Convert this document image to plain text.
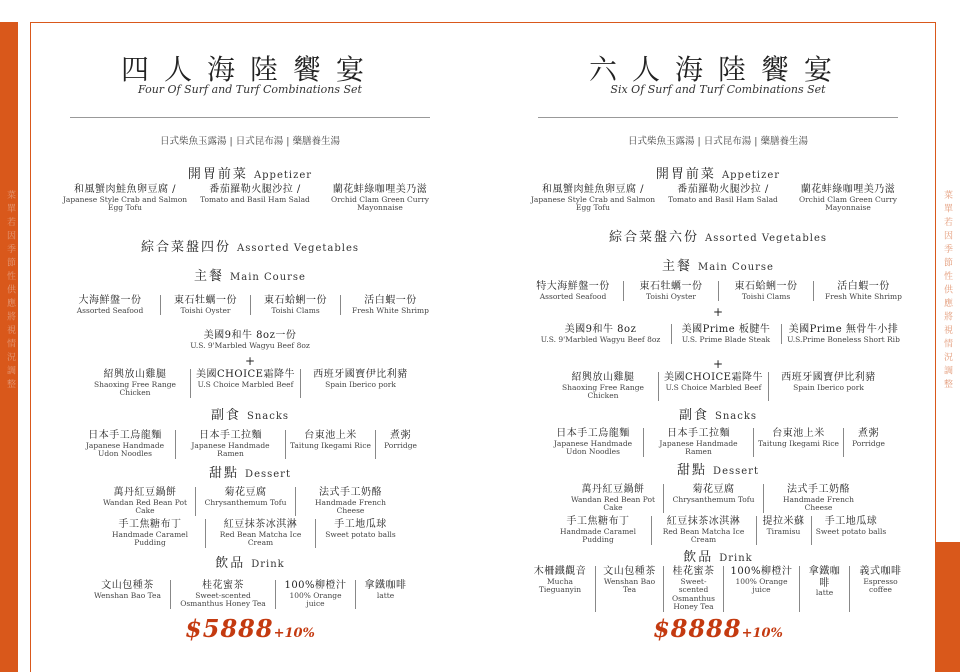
菜單若因季節性供應將視情況調整	菜單若因季節性供應將視情況調整
四人海陸饗宴
Four Of Surf and Turf Combinations Set
日式柴魚玉露湯 | 日式昆布湯 | 藥膳養生湯
開胃前菜 Appetizer
和風蟹肉鮭魚卵豆腐 /
Japanese Style Crab and Salmon Egg Tofu
番茄羅勒火腿沙拉 /
Tomato and Basil Ham Salad
蘭花蚌綠咖哩美乃滋
Orchid Clam Green Curry Mayonnaise
綜合菜盤四份 Assorted Vegetables
主餐 Main Course
大海鮮盤一份
Assorted Seafood
東石牡蠣一份
Toishi Oyster
東石蛤蜊一份
Toishi Clams
活白蝦一份
Fresh White Shrimp
美國9和牛 8oz一份
U.S. 9'Marbled Wagyu Beef 8oz
+
紹興放山雞腿
Shaoxing Free Range Chicken
美國CHOICE霜降牛
U.S Choice Marbled Beef
西班牙國寶伊比利豬
Spain Iberico pork
副食 Snacks
日本手工烏龍麵
Japanese Handmade Udon Noodles
日本手工拉麵
Japanese Handmade Ramen
台東池上米
Taitung Ikegami Rice
煮粥
Porridge
甜點 Dessert
萬丹紅豆鍋餅
Wandan Red Bean Pot Cake
菊花豆腐
Chrysanthemum Tofu
法式手工奶酪
Handmade French Cheese
手工焦糖布丁
Handmade Caramel Pudding
紅豆抹茶冰淇淋
Red Bean Matcha Ice Cream
手工地瓜球
Sweet potato balls
飲品 Drink
文山包種茶
Wenshan Bao Tea
桂花蜜茶
Sweet-scented Osmanthus Honey Tea
100%柳橙汁
100% Orange juice
拿鐵咖啡
latte
$5888+10%
六人海陸饗宴
Six Of Surf and Turf Combinations Set
日式柴魚玉露湯 | 日式昆布湯 | 藥膳養生湯
開胃前菜 Appetizer
和風蟹肉鮭魚卵豆腐 /
Japanese Style Crab and Salmon Egg Tofu
番茄羅勒火腿沙拉 /
Tomato and Basil Ham Salad
蘭花蚌綠咖哩美乃滋
Orchid Clam Green Curry Mayonnaise
綜合菜盤六份 Assorted Vegetables
主餐 Main Course
特大海鮮盤一份
Assorted Seafood
東石牡蠣一份
Toishi Oyster
東石蛤蜊一份
Toishi Clams
活白蝦一份
Fresh White Shrimp
+
美國9和牛 8oz
U.S. 9'Marbled Wagyu Beef 8oz
美國Prime 板腱牛
U.S. Prime Blade Steak
美國Prime 無骨牛小排
U.S.Prime Boneless Short Rib
+
紹興放山雞腿
Shaoxing Free Range Chicken
美國CHOICE霜降牛
U.S Choice Marbled Beef
西班牙國寶伊比利豬
Spain Iberico pork
副食 Snacks
日本手工烏龍麵
Japanese Handmade Udon Noodles
日本手工拉麵
Japanese Handmade Ramen
台東池上米
Taitung Ikegami Rice
煮粥
Porridge
甜點 Dessert
萬丹紅豆鍋餅
Wandan Red Bean Pot Cake
菊花豆腐
Chrysanthemum Tofu
法式手工奶酪
Handmade French Cheese
手工焦糖布丁
Handmade Caramel Pudding
紅豆抹茶冰淇淋
Red Bean Matcha Ice Cream
提拉米蘇
Tiramisu
手工地瓜球
Sweet potato balls
飲品 Drink
木柵鐵觀音
Mucha Tieguanyin
文山包種茶
Wenshan Bao Tea
桂花蜜茶
Sweet-scented Osmanthus Honey Tea
100%柳橙汁
100% Orange juice
拿鐵咖啡
latte
義式咖啡
Espresso coffee
$8888+10%
